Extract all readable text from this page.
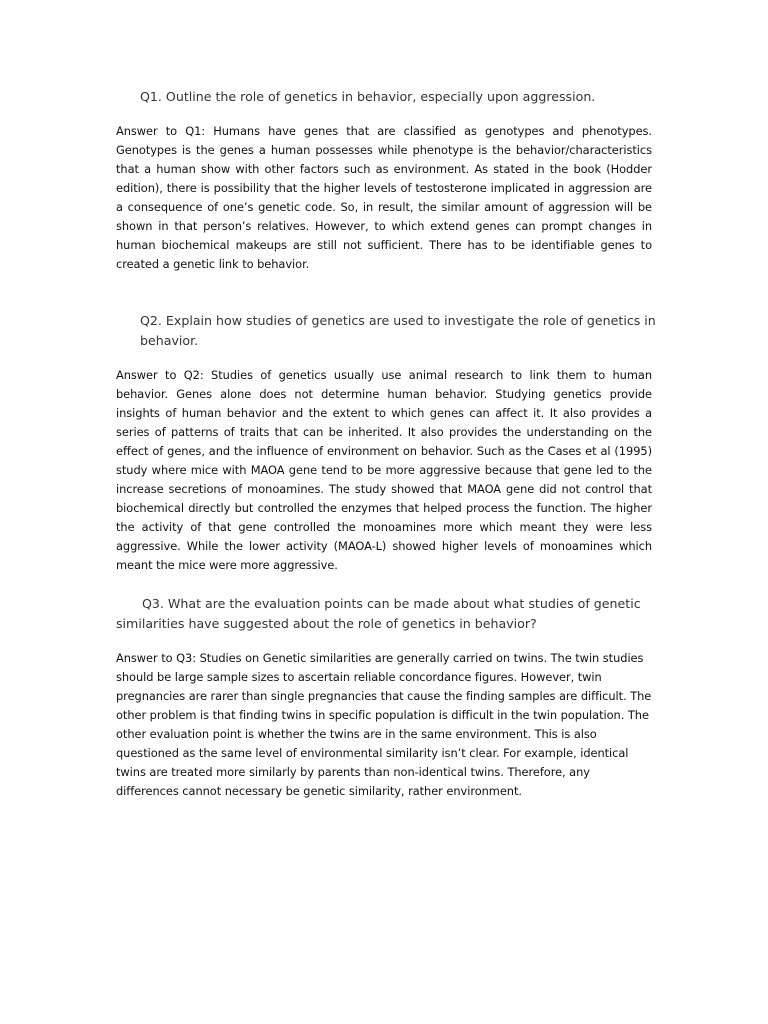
Q1. Outline the role of genetics in behavior, especially upon aggression.

Answer to Q1: Humans have genes that are classified as genotypes and phenotypes. Genotypes is the genes a human possesses while phenotype is the behavior/characteristics that a human show with other factors such as environment. As stated in the book (Hodder edition), there is possibility that the higher levels of testosterone implicated in aggression are a consequence of one’s genetic code. So, in result, the similar amount of aggression will be shown in that person’s relatives. However, to which extend genes can prompt changes in human biochemical makeups are still not sufficient. There has to be identifiable genes to created a genetic link to behavior.

Q2. Explain how studies of genetics are used to investigate the role of genetics in behavior.

Answer to Q2: Studies of genetics usually use animal research to link them to human behavior. Genes alone does not determine human behavior. Studying genetics provide insights of human behavior and the extent to which genes can affect it. It also provides a series of patterns of traits that can be inherited. It also provides the understanding on the effect of genes, and the influence of environment on behavior. Such as the Cases et al (1995) study where mice with MAOA gene tend to be more aggressive because that gene led to the increase secretions of monoamines. The study showed that MAOA gene did not control that biochemical directly but controlled the enzymes that helped process the function. The higher the activity of that gene controlled the monoamines more which meant they were less aggressive. While the lower activity (MAOA-L) showed higher levels of monoamines which meant the mice were more aggressive.

Q3. What are the evaluation points can be made about what studies of genetic similarities have suggested about the role of genetics in behavior?

Answer to Q3: Studies on Genetic similarities are generally carried on twins. The twin studies should be large sample sizes to ascertain reliable concordance figures. However, twin pregnancies are rarer than single pregnancies that cause the finding samples are difficult. The other problem is that finding twins in specific population is difficult in the twin population. The other evaluation point is whether the twins are in the same environment. This is also questioned as the same level of environmental similarity isn’t clear. For example, identical twins are treated more similarly by parents than non-identical twins. Therefore, any differences cannot necessary be genetic similarity, rather environment.
